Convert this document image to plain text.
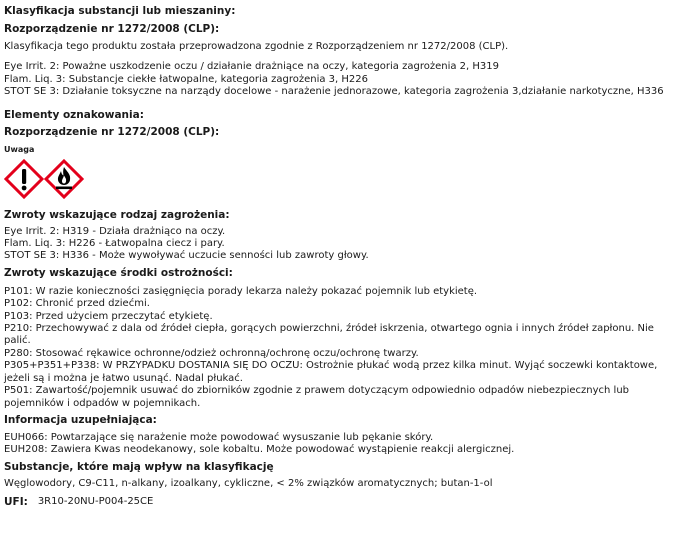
Klasyfikacja substancji lub mieszaniny:
Rozporządzenie nr 1272/2008 (CLP):
Klasyfikacja tego produktu została przeprowadzona zgodnie z Rozporządzeniem nr 1272/2008 (CLP).
Eye Irrit. 2: Poważne uszkodzenie oczu / działanie drażniące na oczy, kategoria zagrożenia 2, H319
Flam. Liq. 3: Substancje ciekłe łatwopalne, kategoria zagrożenia 3, H226
STOT SE 3: Działanie toksyczne na narządy docelowe - narażenie jednorazowe, kategoria zagrożenia 3,działanie narkotyczne, H336
Elementy oznakowania:
Rozporządzenie nr 1272/2008 (CLP):
Uwaga
Zwroty wskazujące rodzaj zagrożenia:
Eye Irrit. 2: H319 - Działa drażniąco na oczy.
Flam. Liq. 3: H226 - Łatwopalna ciecz i pary.
STOT SE 3: H336 - Może wywoływać uczucie senności lub zawroty głowy.
Zwroty wskazujące środki ostrożności:
P101: W razie konieczności zasięgnięcia porady lekarza należy pokazać pojemnik lub etykietę.
P102: Chronić przed dziećmi.
P103: Przed użyciem przeczytać etykietę.
P210: Przechowywać z dala od źródeł ciepła, gorących powierzchni, źródeł iskrzenia, otwartego ognia i innych źródeł zapłonu. Nie palić.
P280: Stosować rękawice ochronne/odzież ochronną/ochronę oczu/ochronę twarzy.
P305+P351+P338: W PRZYPADKU DOSTANIA SIĘ DO OCZU: Ostrożnie płukać wodą przez kilka minut. Wyjąć soczewki kontaktowe, jeżeli są i można je łatwo usunąć. Nadal płukać.
P501: Zawartość/pojemnik usuwać do zbiorników zgodnie z prawem dotyczącym odpowiednio odpadów niebezpiecznych lub pojemników i odpadów w pojemnikach.
Informacja uzupełniająca:
EUH066: Powtarzające się narażenie może powodować wysuszanie lub pękanie skóry.
EUH208: Zawiera Kwas neodekanowy, sole kobaltu. Może powodować wystąpienie reakcji alergicznej.
Substancje, które mają wpływ na klasyfikację
Węglowodory, C9-C11, n-alkany, izoalkany, cykliczne, < 2% związków aromatycznych; butan-1-ol
UFI: 3R10-20NU-P004-25CE
